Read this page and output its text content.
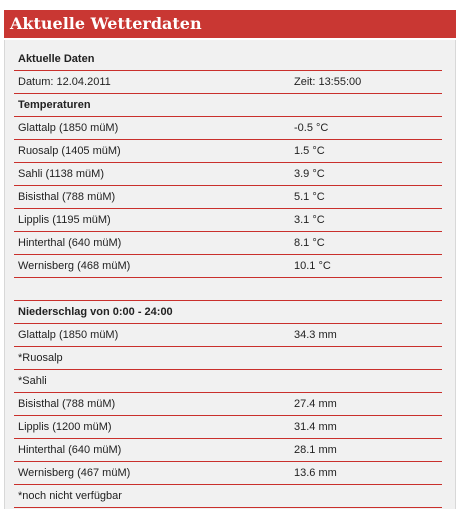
Aktuelle Wetterdaten
Aktuelle Daten
Datum: 12.04.2011	Zeit: 13:55:00
Temperaturen
Glattalp (1850 müM)	-0.5 °C
Ruosalp (1405 müM)	1.5 °C
Sahli (1138 müM)	3.9 °C
Bisisthal (788 müM)	5.1 °C
Lipplis (1195 müM)	3.1 °C
Hinterthal (640 müM)	8.1 °C
Wernisberg (468 müM)	10.1 °C
Niederschlag von 0:00 - 24:00
Glattalp (1850 müM)	34.3 mm
*Ruosalp
*Sahli
Bisisthal (788 müM)	27.4 mm
Lipplis (1200 müM)	31.4 mm
Hinterthal (640 müM)	28.1 mm
Wernisberg (467 müM)	13.6 mm
*noch nicht verfügbar
